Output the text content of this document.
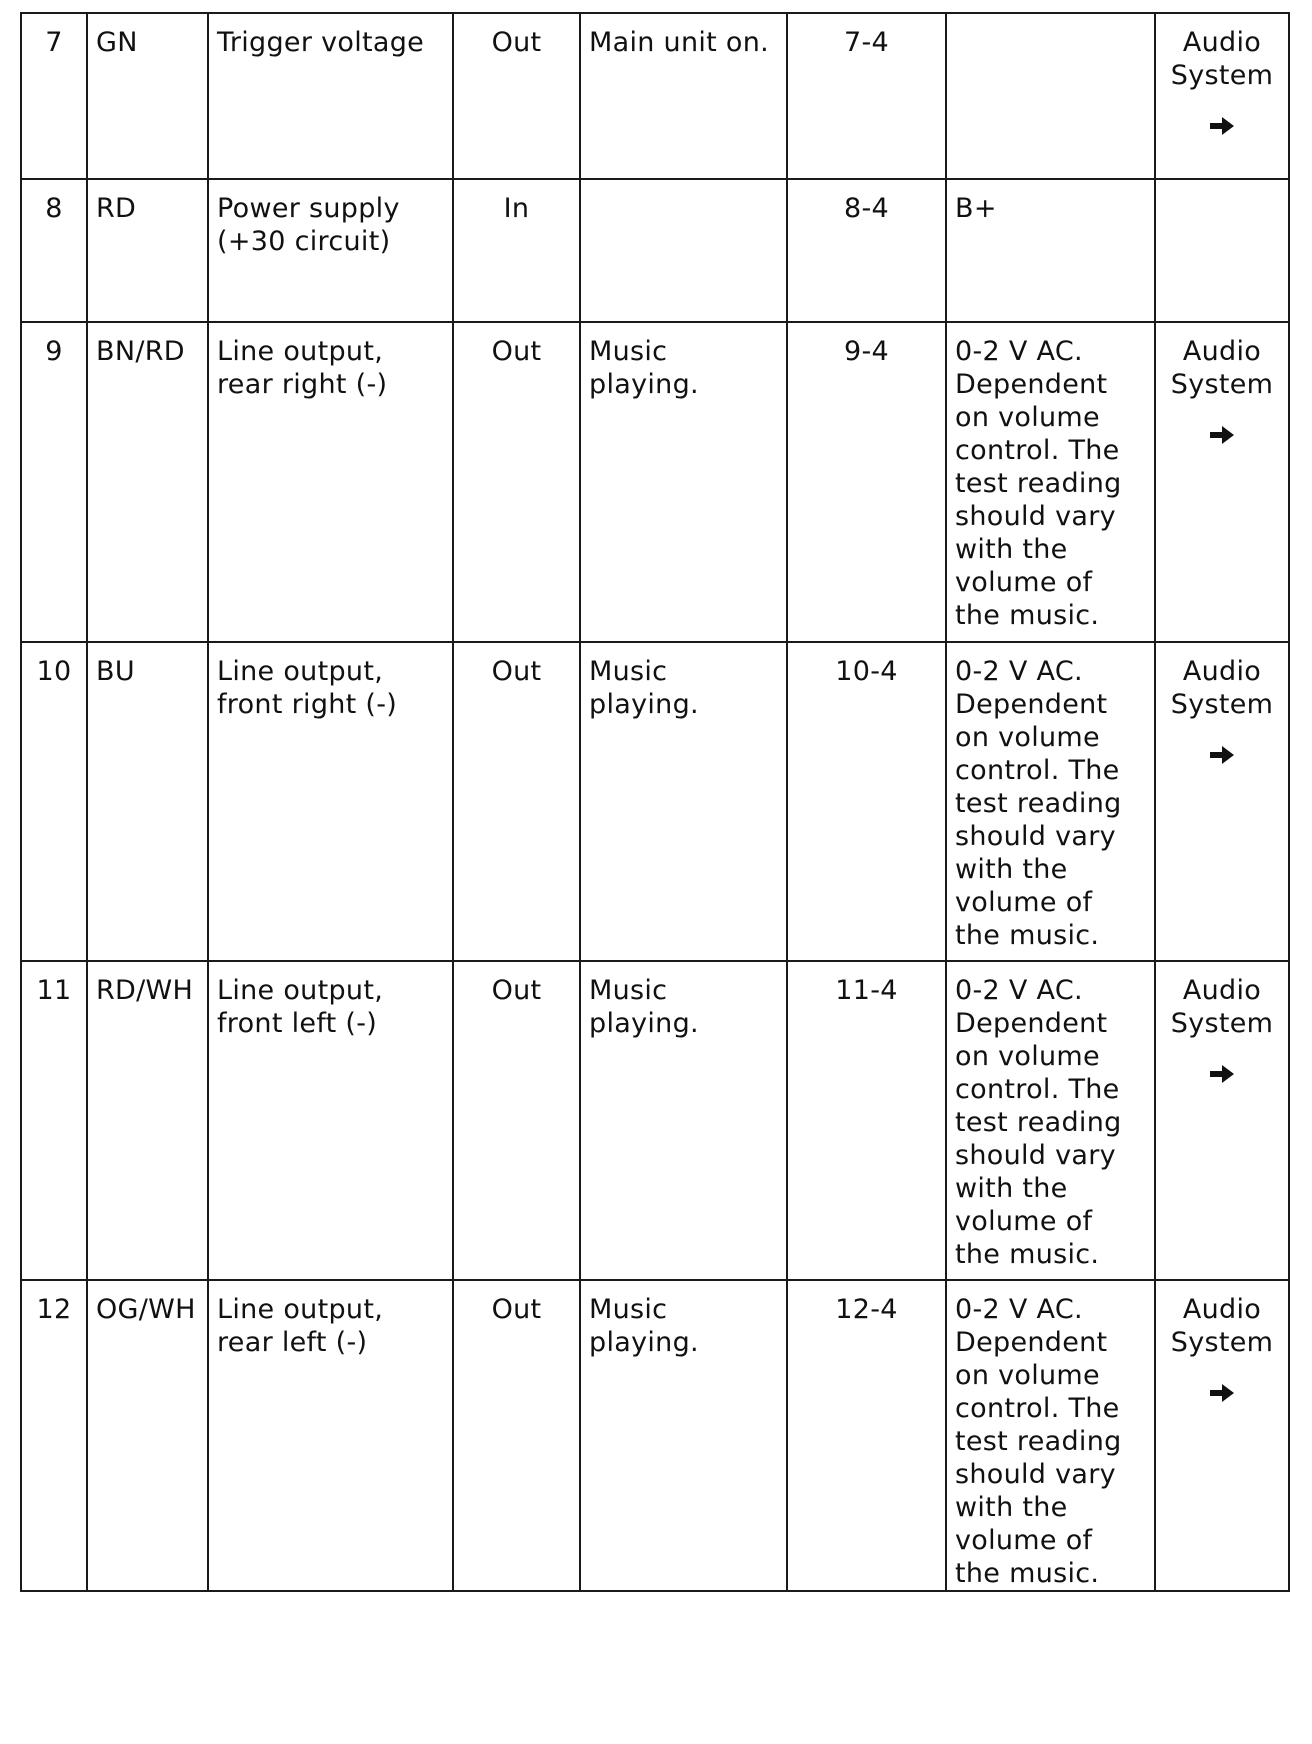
7	GN	Trigger voltage	Out	Main unit on.	7-4		Audio System

8	RD	Power supply (+30 circuit)	In		8-4	B+	
9	BN/RD	Line output, rear right (-)	Out	Music playing.	9-4	0-2 V AC. Dependent on volume control. The test reading should vary with the volume of the music.	Audio System

10	BU	Line output, front right (-)	Out	Music playing.	10-4	0-2 V AC. Dependent on volume control. The test reading should vary with the volume of the music.	Audio System

11	RD/WH	Line output, front left (-)	Out	Music playing.	11-4	0-2 V AC. Dependent on volume control. The test reading should vary with the volume of the music.	Audio System

12	OG/WH	Line output, rear left (-)	Out	Music playing.	12-4	0-2 V AC. Dependent on volume control. The test reading should vary with the volume of the music.	Audio System
